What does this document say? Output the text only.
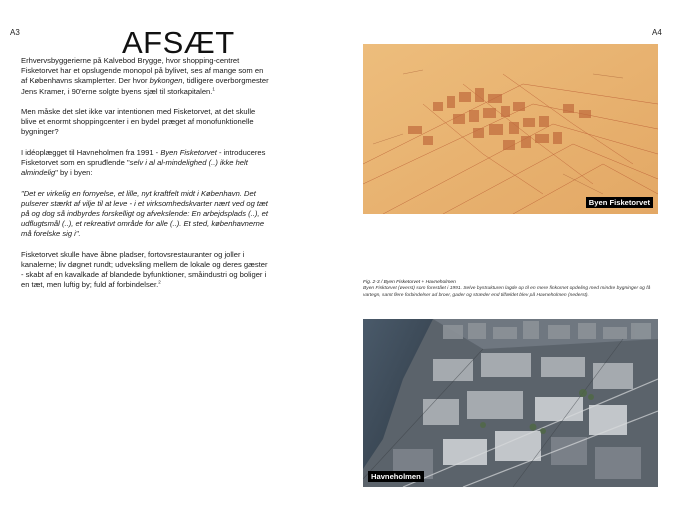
A3	A4
AFSÆT

Erhvervsbyggerierne på Kalvebod Brygge, hvor shopping-centret Fisketorvet har et opslugende monopol på bylivet, ses af mange som en af Københavns skamplетter. Der hvor bykongen, tidligere overborgmester Jens Kramer, i 90'erne solgte byens sjæl til storkapitalen.$^1$

Men måske det slet ikke var intentionen med Fisketorvet, at det skulle blive et enormt shoppingcenter i en bydel præget af monofunktionelle bygninger?

I idéoplægget til Havneholmen fra 1991 - Byen Fisketorvet - introduceres Fisketorvet som en spruđlende "selv i al al-mindelighed (..) ikke helt almindelig" by i byen:

"Det er virkelig en fornyelse, et lille, nyt kraftfelt midt i København. Det pulserer stærkt af vilje til at leve - i et virksomhedskvarter nært ved og tæt på og dog så indbyrdes forskelligt og afvekslende: En arbejdsplads (..), et udflugtsmål (..), et rekreativt område for alle (..). Et sted, københavnerne må forelske sig i".

Fisketorvet skulle have åbne pladser, fortovsrestauranter og joller i kanalerne; liv døgnet rundt; udveksling mellem de lokale og deres gæster - skabt af en kavalkade af blandede byfunktioner, småindustri og boliger i en tæt, men luftig by; fuld af forbindelser.$^2$

Byen Fisketorvet
Fig. 2-3 / Byen Fisketorvet + Havneholmen
Byen Fisktorvet (øverst) som forestået i 1991. Selve bystrukturen lagde op til en mere finkornet opdeling med mindre bygninger og få vartegn, samt flere forbindelser ad broer, gader og stræder end tilfældet blev på Havneholmen (nederst).
Havneholmen
